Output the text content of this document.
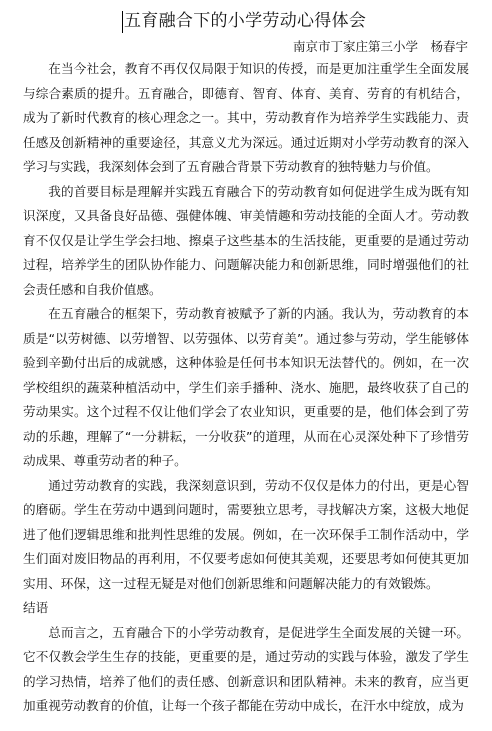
五育融合下的小学劳动心得体会
南京市丁家庄第三小学　杨春宇

在当今社会，教育不再仅仅局限于知识的传授，而是更加注重学生全面发展与综合素质的提升。五育融合，即德育、智育、体育、美育、劳育的有机结合，成为了新时代教育的核心理念之一。其中，劳动教育作为培养学生实践能力、责任感及创新精神的重要途径，其意义尤为深远。通过近期对小学劳动教育的深入学习与实践，我深刻体会到了五育融合背景下劳动教育的独特魅力与价值。

我的首要目标是理解并实践五育融合下的劳动教育如何促进学生成为既有知识深度，又具备良好品德、强健体魄、审美情趣和劳动技能的全面人才。劳动教育不仅仅是让学生学会扫地、擦桌子这些基本的生活技能，更重要的是通过劳动过程，培养学生的团队协作能力、问题解决能力和创新思维，同时增强他们的社会责任感和自我价值感。

在五育融合的框架下，劳动教育被赋予了新的内涵。我认为，劳动教育的本质是“以劳树德、以劳增智、以劳强体、以劳育美”。通过参与劳动，学生能够体验到辛勤付出后的成就感，这种体验是任何书本知识无法替代的。例如，在一次学校组织的蔬菜种植活动中，学生们亲手播种、浇水、施肥，最终收获了自己的劳动果实。这个过程不仅让他们学会了农业知识，更重要的是，他们体会到了劳动的乐趣，理解了“一分耕耘，一分收获”的道理，从而在心灵深处种下了珍惜劳动成果、尊重劳动者的种子。

通过劳动教育的实践，我深刻意识到，劳动不仅仅是体力的付出，更是心智的磨砺。学生在劳动中遇到问题时，需要独立思考，寻找解决方案，这极大地促进了他们逻辑思维和批判性思维的发展。例如，在一次环保手工制作活动中，学生们面对废旧物品的再利用，不仅要考虑如何使其美观，还要思考如何使其更加实用、环保，这一过程无疑是对他们创新思维和问题解决能力的有效锻炼。

结语

总而言之，五育融合下的小学劳动教育，是促进学生全面发展的关键一环。它不仅教会学生生存的技能，更重要的是，通过劳动的实践与体验，激发了学生的学习热情，培养了他们的责任感、创新意识和团队精神。未来的教育，应当更加重视劳动教育的价值，让每一个孩子都能在劳动中成长，在汗水中绽放，成为
